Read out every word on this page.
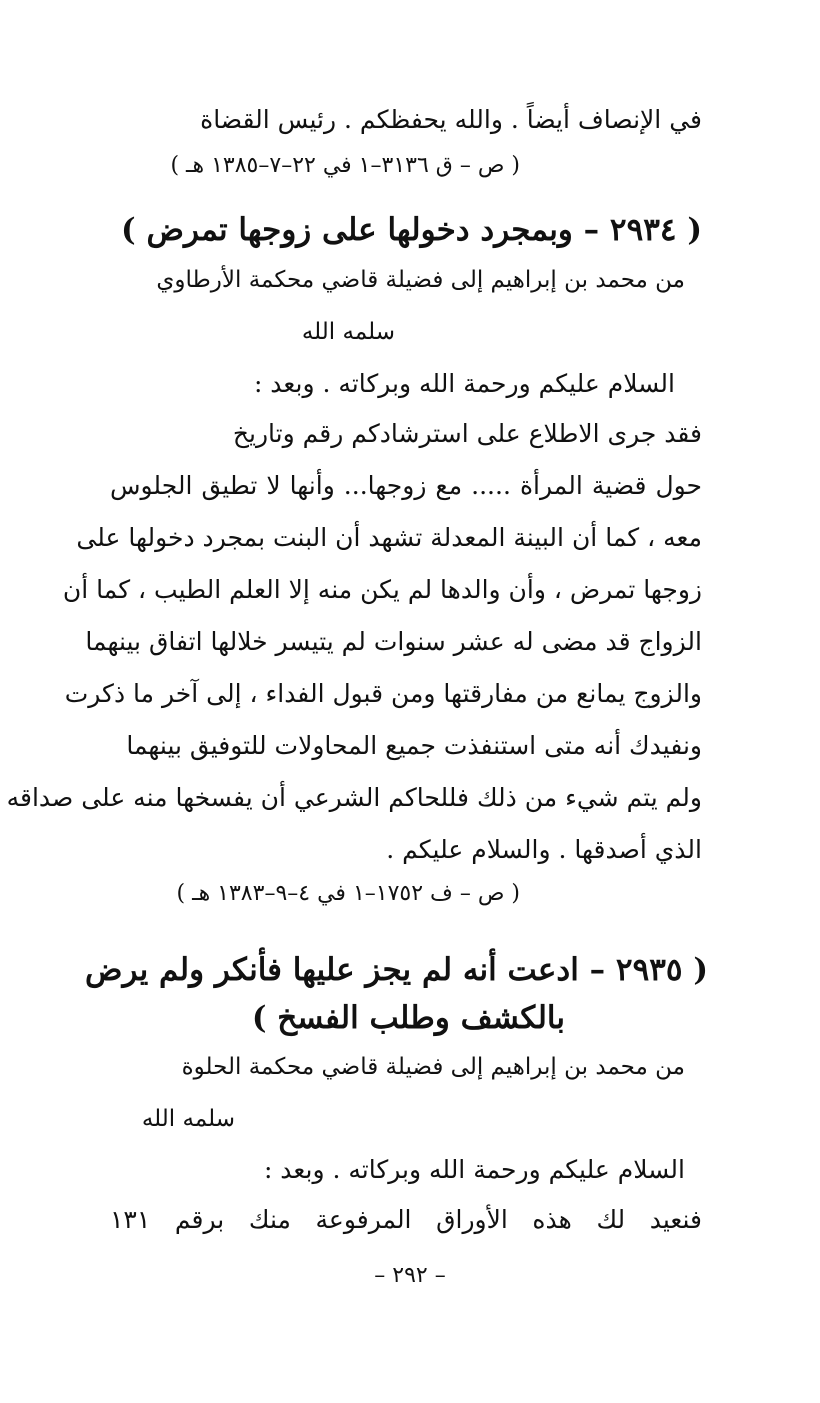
في الإنصاف أيضاً . والله يحفظكم . رئيس القضاة

( ص – ق ٣١٣٦–١ في ٢٢–٧–١٣٨٥ هـ )

( ٢٩٣٤ – وبمجرد دخولها على زوجها تمرض )

من محمد بن إبراهيم إلى فضيلة قاضي محكمة الأرطاوي

سلمه الله

السلام عليكم ورحمة الله وبركاته . وبعد :

فقد جرى الاطلاع على استرشادكم رقم وتاريخ

حول قضية المرأة ..... مع زوجها... وأنها لا تطيق الجلوس

معه ، كما أن البينة المعدلة تشهد أن البنت بمجرد دخولها على

زوجها تمرض ، وأن والدها لم يكن منه إلا العلم الطيب ، كما أن

الزواج قد مضى له عشر سنوات لم يتيسر خلالها اتفاق بينهما

والزوج يمانع من مفارقتها ومن قبول الفداء ، إلى آخر ما ذكرت

ونفيدك أنه متى استنفذت جميع المحاولات للتوفيق بينهما

ولم يتم شيء من ذلك فللحاكم الشرعي أن يفسخها منه على صداقه

الذي أصدقها . والسلام عليكم .

( ص – ف ١٧٥٢–١ في ٤–٩–١٣٨٣ هـ )

( ٢٩٣٥ – ادعت أنه لم يجز عليها فأنكر ولم يرض

بالكشف وطلب الفسخ )

من محمد بن إبراهيم إلى فضيلة قاضي محكمة الحلوة

سلمه الله

السلام عليكم ورحمة الله وبركاته . وبعد :

فنعيد لك هذه الأوراق المرفوعة منك برقم ١٣١

– ٢٩٢ –
